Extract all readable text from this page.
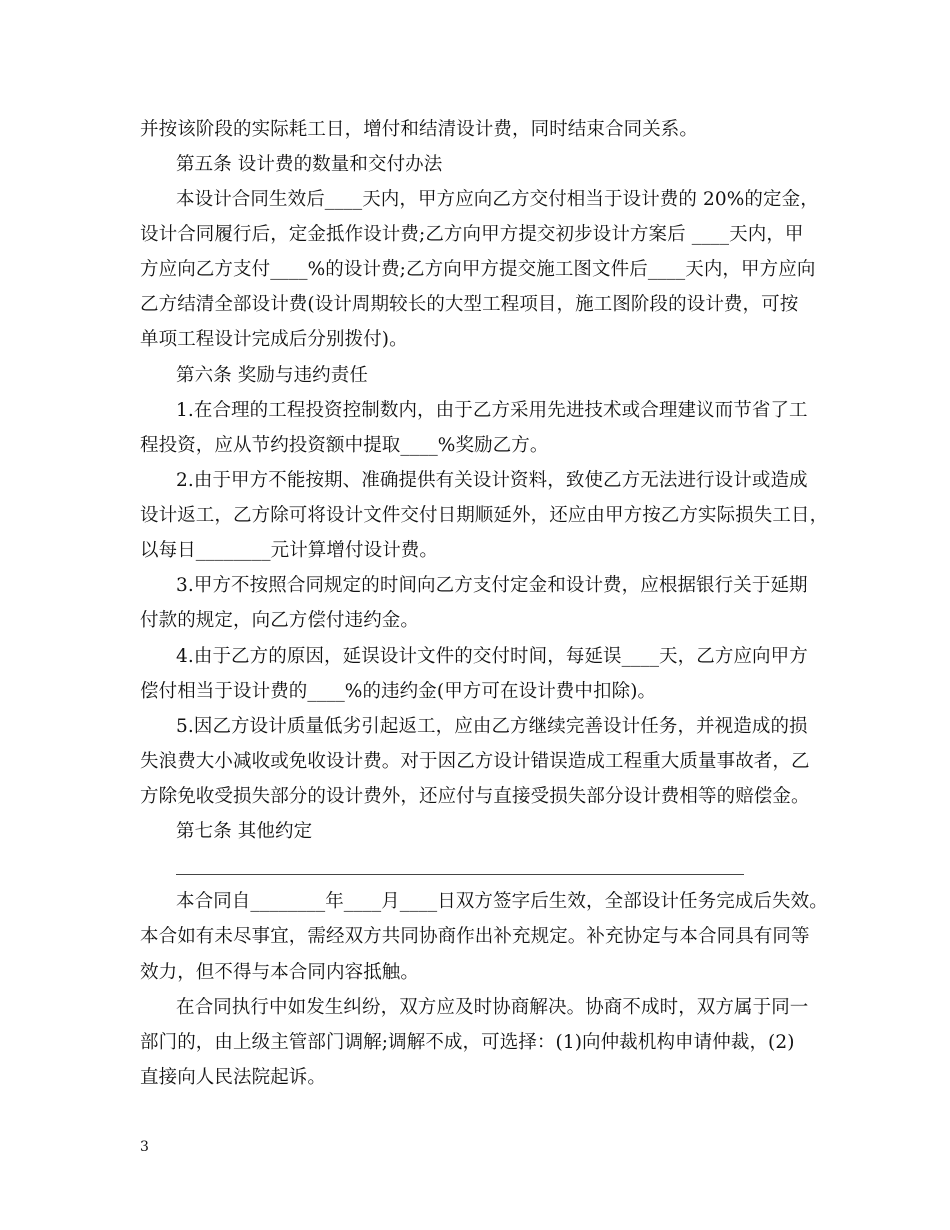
并按该阶段的实际耗工日，增付和结清设计费，同时结束合同关系。
第五条 设计费的数量和交付办法
本设计合同生效后____天内，甲方应向乙方交付相当于设计费的 20%的定金，
设计合同履行后，定金抵作设计费;乙方向甲方提交初步设计方案后 ____天内，甲
方应向乙方支付____%的设计费;乙方向甲方提交施工图文件后____天内，甲方应向
乙方结清全部设计费(设计周期较长的大型工程项目，施工图阶段的设计费，可按
单项工程设计完成后分别拨付)。
第六条 奖励与违约责任
1.在合理的工程投资控制数内，由于乙方采用先进技术或合理建议而节省了工
程投资，应从节约投资额中提取____%奖励乙方。
2.由于甲方不能按期、准确提供有关设计资料，致使乙方无法进行设计或造成
设计返工，乙方除可将设计文件交付日期顺延外，还应由甲方按乙方实际损失工日，
以每日________元计算增付设计费。
3.甲方不按照合同规定的时间向乙方支付定金和设计费，应根据银行关于延期
付款的规定，向乙方偿付违约金。
4.由于乙方的原因，延误设计文件的交付时间，每延误____天，乙方应向甲方
偿付相当于设计费的____%的违约金(甲方可在设计费中扣除)。
5.因乙方设计质量低劣引起返工，应由乙方继续完善设计任务，并视造成的损
失浪费大小减收或免收设计费。对于因乙方设计错误造成工程重大质量事故者，乙
方除免收受损失部分的设计费外，还应付与直接受损失部分设计费相等的赔偿金。
第七条 其他约定
本合同自________年____月____日双方签字后生效，全部设计任务完成后失效。
本合如有未尽事宜，需经双方共同协商作出补充规定。补充协定与本合同具有同等
效力，但不得与本合同内容抵触。
在合同执行中如发生纠纷，双方应及时协商解决。协商不成时，双方属于同一
部门的，由上级主管部门调解;调解不成，可选择：(1)向仲裁机构申请仲裁，(2)
直接向人民法院起诉。
3
